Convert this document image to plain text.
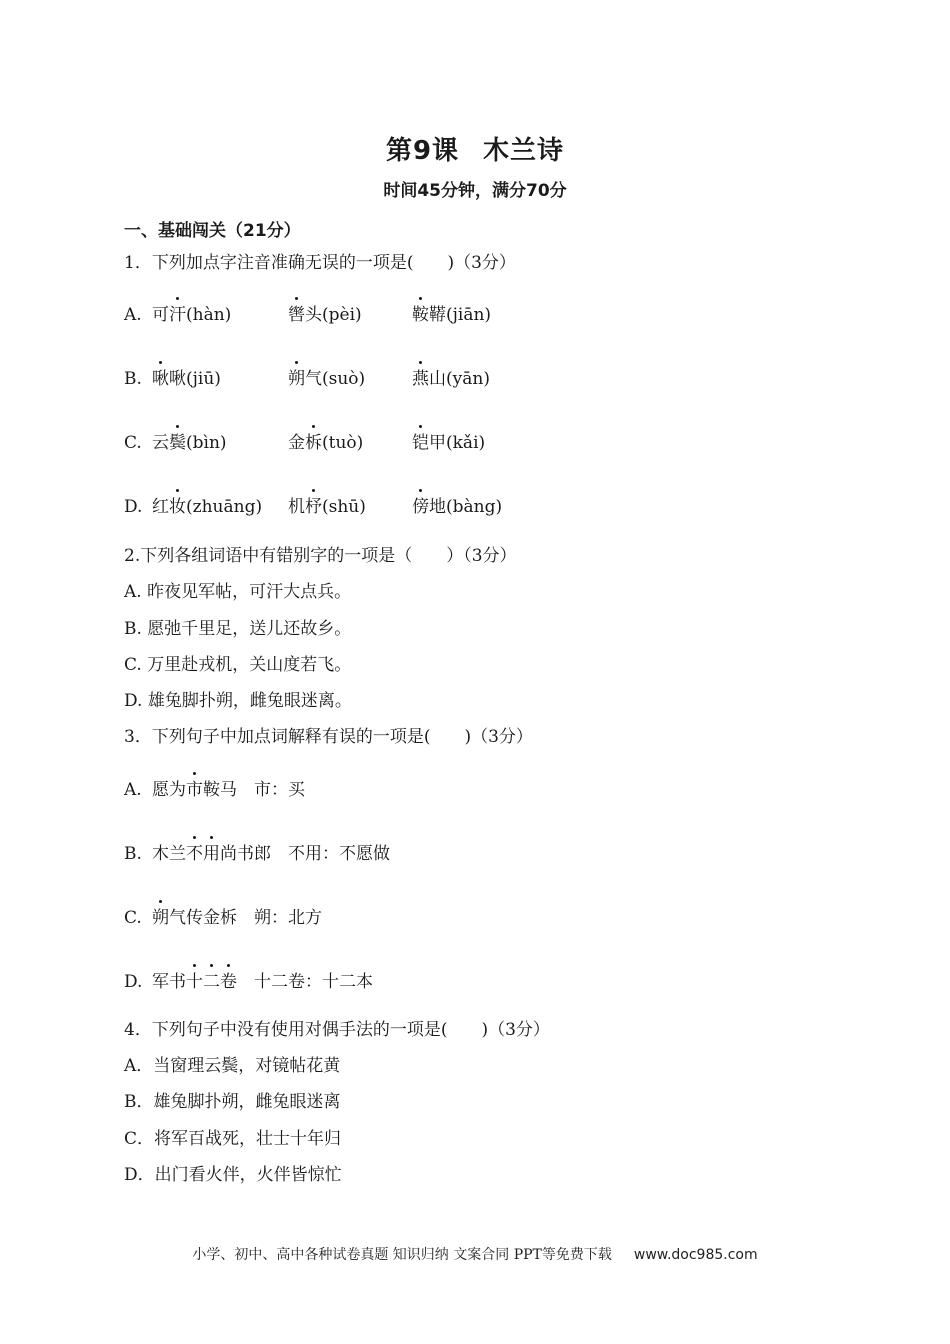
第9课 木兰诗
时间45分钟，满分70分
一、基础闯关（21分）
1．下列加点字注音准确无误的一项是(　　)（3分）
A. 可汗(hàn)	辔头(pèi)	鞍鞯(jiān)
B. 啾啾(jiū)	朔气(suò)	燕山(yān)
C. 云鬓(bìn)	金柝(tuò)	铠甲(kǎi)
D. 红妆(zhuāng) 机杼(shū)	傍地(bàng)
2.下列各组词语中有错别字的一项是（　　）（3分）
A. 昨夜见军帖，可汗大点兵。
B. 愿弛千里足，送儿还故乡。
C. 万里赴戎机，关山度若飞。
D. 雄兔脚扑朔，雌兔眼迷离。
3．下列句子中加点词解释有误的一项是(　　)（3分）
A. 愿为市鞍马　市：买
B. 木兰不用尚书郎　不用：不愿做
C. 朔气传金柝　朔：北方
D. 军书十二卷　十二卷：十二本
4．下列句子中没有使用对偶手法的一项是(　　)（3分）
A．当窗理云鬓，对镜帖花黄
B．雄兔脚扑朔，雌兔眼迷离
C．将军百战死，壮士十年归
D．出门看火伴，火伴皆惊忙
小学、初中、高中各种试卷真题 知识归纳 文案合同 PPT等免费下载 www.doc985.com
